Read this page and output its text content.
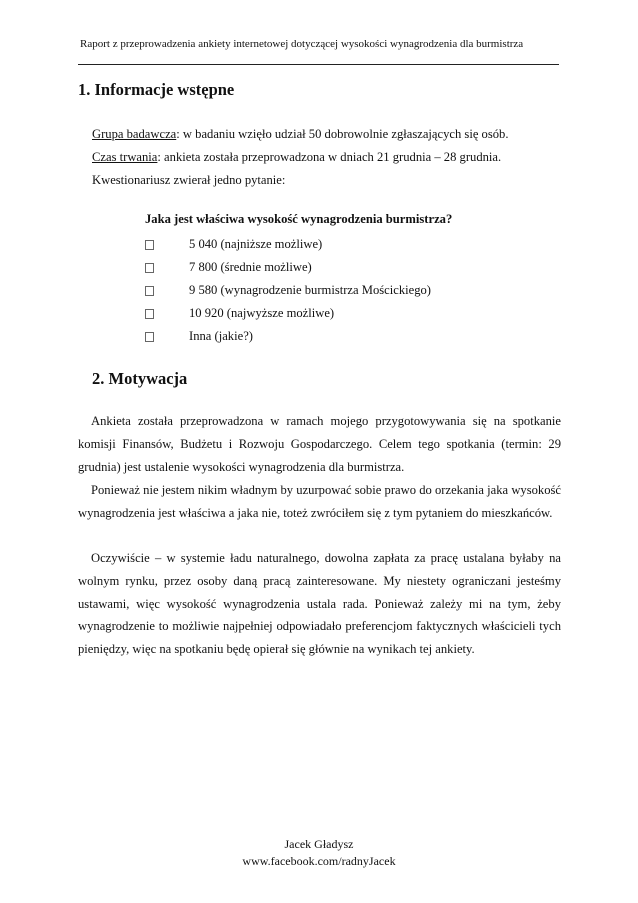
Raport z przeprowadzenia ankiety internetowej dotyczącej wysokości wynagrodzenia dla burmistrza
1. Informacje wstępne
Grupa badawcza: w badaniu wzięło udział 50 dobrowolnie zgłaszających się osób.
Czas trwania: ankieta została przeprowadzona w dniach 21 grudnia – 28 grudnia.
Kwestionariusz zwierał jedno pytanie:
Jaka jest właściwa wysokość wynagrodzenia burmistrza?
5 040 (najniższe możliwe)
7 800 (średnie możliwe)
9 580 (wynagrodzenie burmistrza Mościckiego)
10 920 (najwyższe możliwe)
Inna (jakie?)
2. Motywacja

Ankieta została przeprowadzona w ramach mojego przygotowywania się na spotkanie komisji Finansów, Budżetu i Rozwoju Gospodarczego. Celem tego spotkania (termin: 29 grudnia) jest ustalenie wysokości wynagrodzenia dla burmistrza.

Ponieważ nie jestem nikim władnym by uzurpować sobie prawo do orzekania jaka wysokość wynagrodzenia jest właściwa a jaka nie, toteż zwróciłem się z tym pytaniem do mieszkańców.

Oczywiście – w systemie ładu naturalnego, dowolna zapłata za pracę ustalana byłaby na wolnym rynku, przez osoby daną pracą zainteresowane. My niestety ograniczani jesteśmy ustawami, więc wysokość wynagrodzenia ustala rada. Ponieważ zależy mi na tym, żeby wynagrodzenie to możliwie najpełniej odpowiadało preferencjom faktycznych właścicieli tych pieniędzy, więc na spotkaniu będę opierał się głównie na wynikach tej ankiety.

Jacek Gładysz
www.facebook.com/radnyJacek
